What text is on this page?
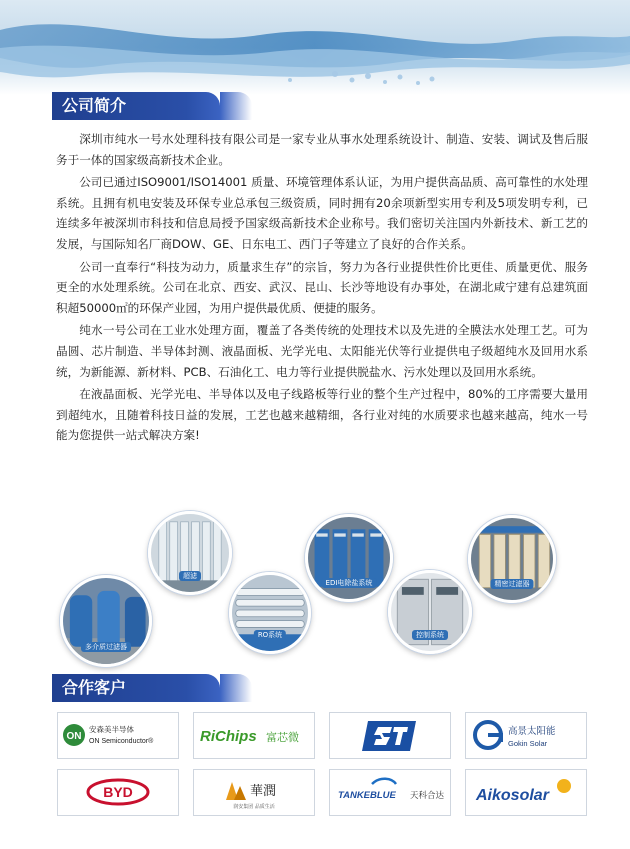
公司简介

深圳市纯水一号水处理科技有限公司是一家专业从事水处理系统设计、制造、安装、调试及售后服务于一体的国家级高新技术企业。

公司已通过ISO9001/ISO14001 质量、环境管理体系认证，为用户提供高品质、高可靠性的水处理系统。且拥有机电安装及环保专业总承包三级资质，同时拥有20余项新型实用专利及5项发明专利，已连续多年被深圳市科技和信息局授予国家级高新技术企业称号。我们密切关注国内外新技术、新工艺的发展，与国际知名厂商DOW、GE、日东电工、西门子等建立了良好的合作关系。

公司一直奉行“科技为动力，质量求生存”的宗旨，努力为各行业提供性价比更佳、质量更优、服务更全的水处理系统。公司在北京、西安、武汉、昆山、长沙等地设有办事处，在湖北咸宁建有总建筑面积超50000㎡的环保产业园，为用户提供最优质、便捷的服务。

纯水一号公司在工业水处理方面，覆盖了各类传统的处理技术以及先进的全膜法水处理工艺。可为晶圆、芯片制造、半导体封测、液晶面板、光学光电、太阳能光伏等行业提供电子级超纯水及回用水系统，为新能源、新材料、PCB、石油化工、电力等行业提供脱盐水、污水处理以及回用水系统。

在液晶面板、光学光电、半导体以及电子线路板等行业的整个生产过程中，80%的工序需要大量用到超纯水，且随着科技日益的发展，工艺也越来越精细，各行业对纯的水质要求也越来越高，纯水一号能为您提供一站式解决方案!

多介质过滤器
超滤
RO系统
EDI电除盐系统
控制系统
精密过滤器
合作客户
ON
安森美半导体
ON Semiconductor®	RiChips 富芯微	高景太阳能
Gokin Solar
BYD	華潤
润安集团 品质生活
TANKEBLUE 天科合达 Aikosolar
